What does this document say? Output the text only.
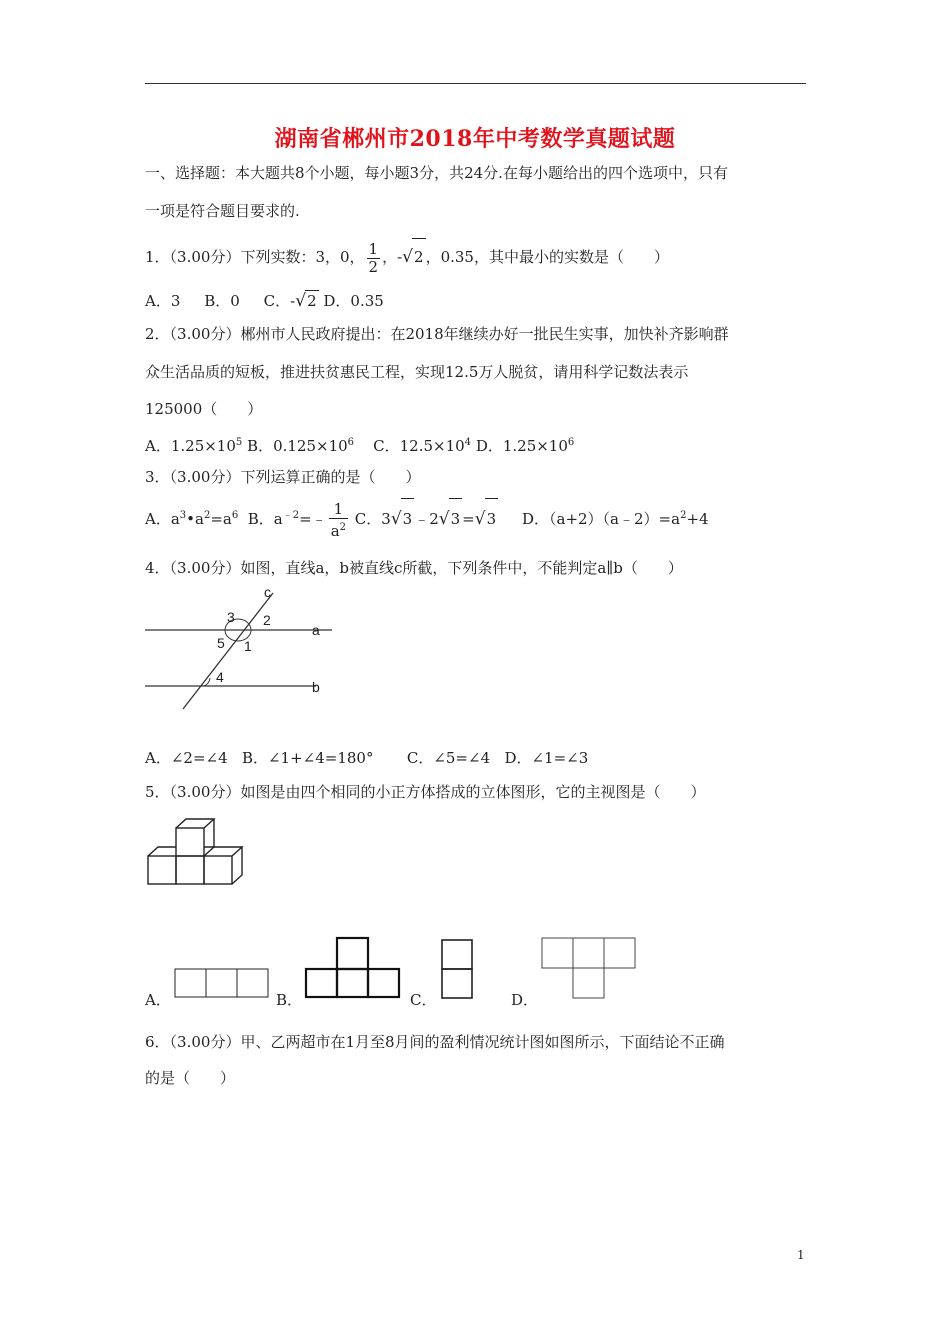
湖南省郴州市2018年中考数学真题试题
一、选择题：本大题共8个小题，每小题3分，共24分.在每小题给出的四个选项中，只有
一项是符合题目要求的.
1．（3.00分）下列实数：3，0， $\frac{1}{2}$ ，-√2 ，0.35，其中最小的实数是（　　）
A．3 B．0 C．-√2 D．0.35
2．（3.00分）郴州市人民政府提出：在2018年继续办好一批民生实事，加快补齐影响群
众生活品质的短板，推进扶贫惠民工程，实现12.5万人脱贫，请用科学记数法表示
125000（　　）
A．$1.25\times 10^5$ B．$0.125\times 10^6$ C．$12.5\times 10^4$ D．$1.25\times 10^6$
3．（3.00分）下列运算正确的是（　　）
A．$a^3•a^2=a^6$ B．$a^{﹣2}=﹣ \frac{1}{a^2}$ C．3√3 ﹣2√3 =√3 D．$(a+2)(a﹣2)=a^2+4$
4．（3.00分）如图，直线a，b被直线c所截，下列条件中，不能判定a∥b（　　）
c
a
b
3 2
5 1
4
A．∠2=∠4 B．∠1+∠4=180° C．∠5=∠4 D．∠1=∠3
5．（3.00分）如图是由四个相同的小正方体搭成的立体图形，它的主视图是（　　）
A．	B．	C．	D．
6．（3.00分）甲、乙两超市在1月至8月间的盈利情况统计图如图所示，下面结论不正确
的是（　　）
1
